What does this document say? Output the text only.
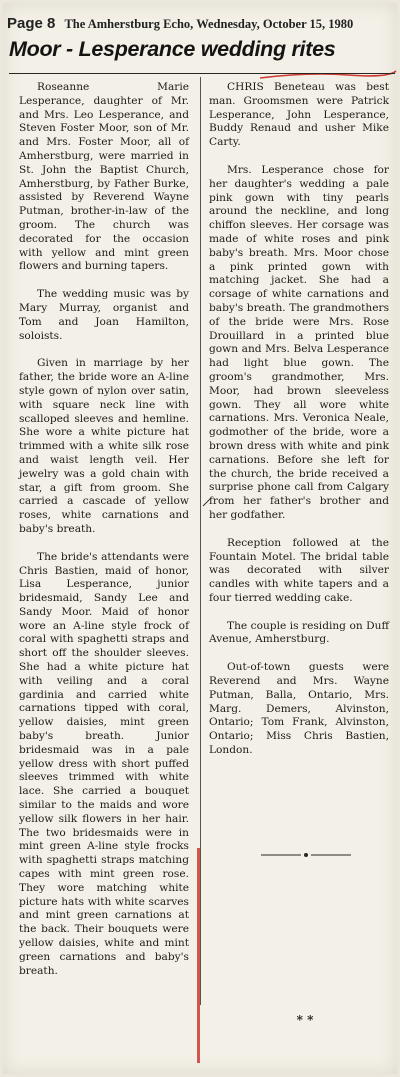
Page 8 The Amherstburg Echo, Wednesday, October 15, 1980
Moor - Lesperance wedding rites

Roseanne Marie Lesperance, daughter of Mr. and Mrs. Leo Lesperance, and Steven Foster Moor, son of Mr. and Mrs. Foster Moor, all of Amherstburg, were married in St. John the Baptist Church, Amherstburg, by Father Burke, assisted by Reverend Wayne Putman, brother-in-law of the groom. The church was decorated for the occasion with yellow and mint green flowers and burning tapers.

The wedding music was by Mary Murray, organist and Tom and Joan Hamilton, soloists.

Given in marriage by her father, the bride wore an A-line style gown of nylon over satin, with square neck line with scalloped sleeves and hemline. She wore a white picture hat trimmed with a white silk rose and waist length veil. Her jewelry was a gold chain with star, a gift from groom. She carried a cascade of yellow roses, white carnations and baby's breath.

The bride's attendants were Chris Bastien, maid of honor, Lisa Lesperance, junior bridesmaid, Sandy Lee and Sandy Moor. Maid of honor wore an A-line style frock of coral with spaghetti straps and short off the shoulder sleeves. She had a white picture hat with veiling and a coral gardinia and carried white carnations tipped with coral, yellow daisies, mint green baby's breath. Junior bridesmaid was in a pale yellow dress with short puffed sleeves trimmed with white lace. She carried a bouquet similar to the maids and wore yellow silk flowers in her hair. The two bridesmaids were in mint green A-line style frocks with spaghetti straps matching capes with mint green rose. They wore matching white picture hats with white scarves and mint green carnations at the back. Their bouquets were yellow daisies, white and mint green carnations and baby's breath.

CHRIS Beneteau was best man. Groomsmen were Patrick Lesperance, John Lesperance, Buddy Renaud and usher Mike Carty.

Mrs. Lesperance chose for her daughter's wedding a pale pink gown with tiny pearls around the neckline, and long chiffon sleeves. Her corsage was made of white roses and pink baby's breath. Mrs. Moor chose a pink printed gown with matching jacket. She had a corsage of white carnations and baby's breath. The grandmothers of the bride were Mrs. Rose Drouillard in a printed blue gown and Mrs. Belva Lesperance had light blue gown. The groom's grandmother, Mrs. Moor, had brown sleeveless gown. They all wore white carnations. Mrs. Veronica Neale, godmother of the bride, wore a brown dress with white and pink carnations. Before she left for the church, the bride received a surprise phone call from Calgary from her father's brother and her godfather.

Reception followed at the Fountain Motel. The bridal table was decorated with silver candles with white tapers and a four tierred wedding cake.

The couple is residing on Duff Avenue, Amherstburg.

Out-of-town guests were Reverend and Mrs. Wayne Putman, Balla, Ontario, Mrs. Marg. Demers, Alvinston, Ontario; Tom Frank, Alvinston, Ontario; Miss Chris Bastien, London.

* *
